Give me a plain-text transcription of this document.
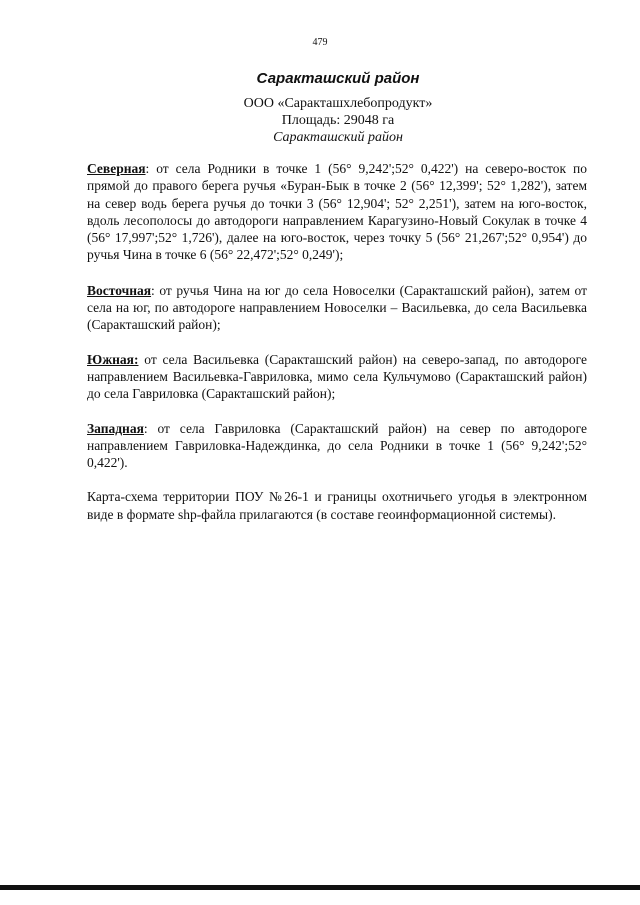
479
Саракташский район
ООО «Саракташхлебопродукт»
Площадь: 29048 га
Саракташский район

Северная: от села Родники в точке 1 (56° 9,242';52° 0,422') на северо-восток по прямой до правого берега ручья «Буран-Бык в точке 2 (56° 12,399'; 52° 1,282'), затем на север водь берега ручья до точки 3 (56° 12,904'; 52° 2,251'), затем на юго-восток, вдоль лесополосы до автодороги направлением Карагузино-Новый Сокулак в точке 4 (56° 17,997';52° 1,726'), далее на юго-восток, через точку 5 (56° 21,267';52° 0,954') до ручья Чина в точке 6 (56° 22,472';52° 0,249');

Восточная: от ручья Чина на юг до села Новоселки (Саракташский район), затем от села на юг, по автодороге направлением Новоселки – Васильевка, до села Васильевка (Саракташский район);

Южная: от села Васильевка (Саракташский район) на северо-запад, по автодороге направлением Васильевка-Гавриловка, мимо села Кульчумово (Саракташский район) до села Гавриловка (Саракташский район);

Западная: от села Гавриловка (Саракташский район) на север по автодороге направлением Гавриловка-Надеждинка, до села Родники в точке 1 (56° 9,242';52° 0,422').

Карта-схема территории ПОУ №26-1 и границы охотничьего угодья в электронном виде в формате shp-файла прилагаются (в составе геоинформационной системы).
